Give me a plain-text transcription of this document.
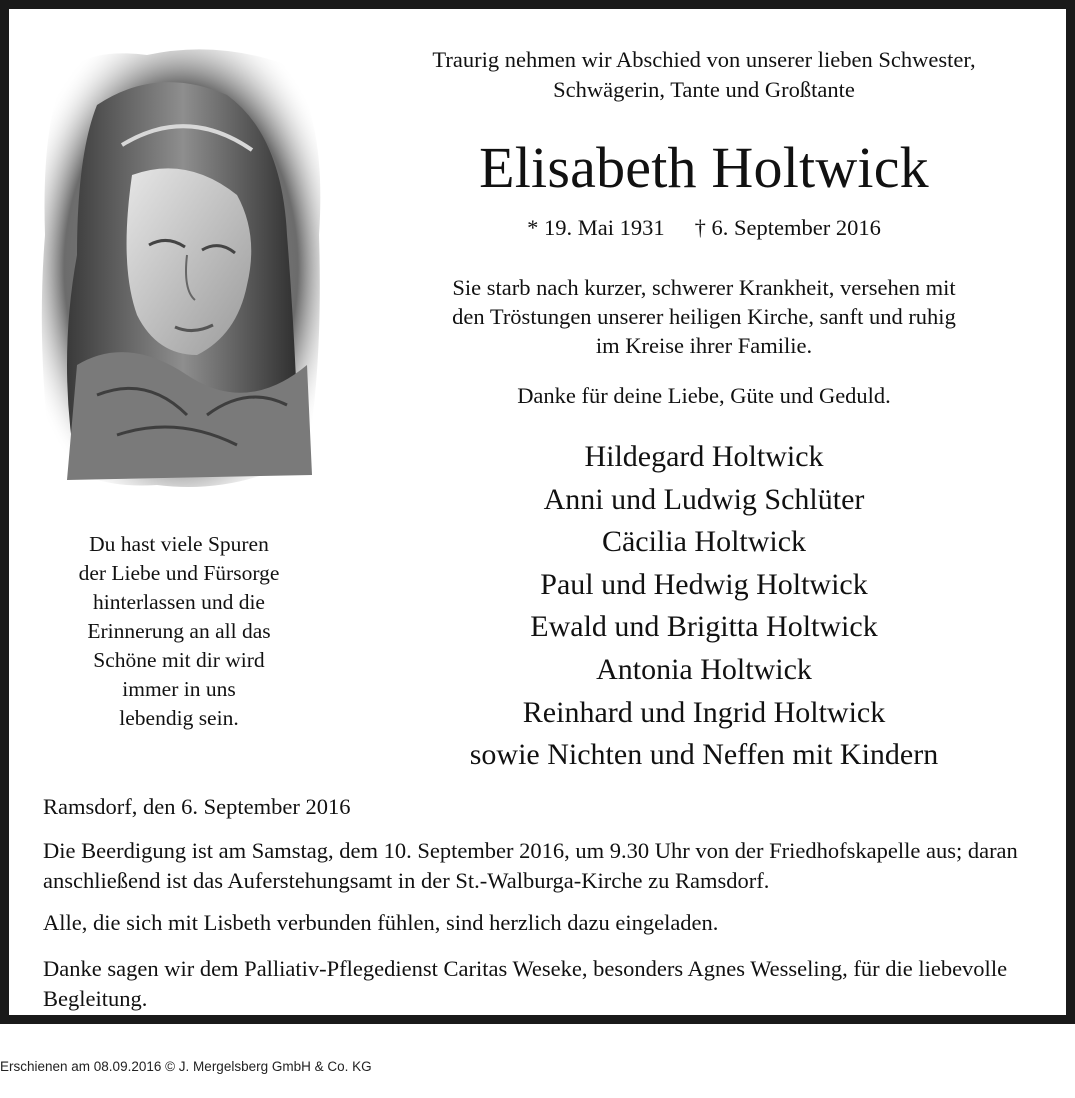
Du hast viele Spuren
der Liebe und Fürsorge
hinterlassen und die
Erinnerung an all das
Schöne mit dir wird
immer in uns
lebendig sein.
Traurig nehmen wir Abschied von unserer lieben Schwester,
Schwägerin, Tante und Großtante
Elisabeth Holtwick
* 19. Mai 1931 † 6. September 2016
Sie starb nach kurzer, schwerer Krankheit, versehen mit
den Tröstungen unserer heiligen Kirche, sanft und ruhig
im Kreise ihrer Familie.
Danke für deine Liebe, Güte und Geduld.
Hildegard Holtwick
Anni und Ludwig Schlüter
Cäcilia Holtwick
Paul und Hedwig Holtwick
Ewald und Brigitta Holtwick
Antonia Holtwick
Reinhard und Ingrid Holtwick
sowie Nichten und Neffen mit Kindern
Ramsdorf, den 6. September 2016
Die Beerdigung ist am Samstag, dem 10. September 2016, um 9.30 Uhr von der Friedhofskapelle aus; daran anschließend ist das Auferstehungsamt in der St.-Walburga-Kirche zu Ramsdorf.
Alle, die sich mit Lisbeth verbunden fühlen, sind herzlich dazu eingeladen.
Danke sagen wir dem Palliativ-Pflegedienst Caritas Weseke, besonders Agnes Wesseling, für die liebevolle Begleitung.
Erschienen am 08.09.2016 © J. Mergelsberg GmbH & Co. KG
